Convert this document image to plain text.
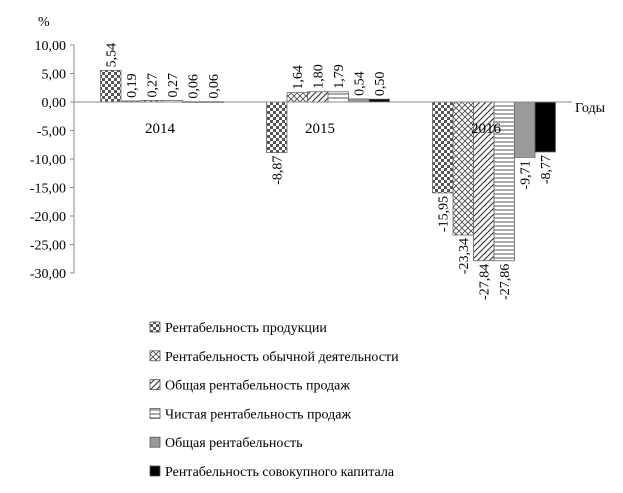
%
Годы
10,00
5,00
0,00
-5,00
-10,00
-15,00
-20,00
-25,00
-30,00
2014	2015	2016
5,54
0,19 0,27 0,27 0,06 0,06
-8,87
1,64 1,80 1,79 0,54 0,50
-15,95
-23,34
-27,84 -27,86
-9,71 -8,77
Рентабельность продукции
Рентабельность обычной деятельности
Общая рентабельность продаж
Чистая рентабельность продаж
Общая рентабельность
Рентабельность совокупного капитала
